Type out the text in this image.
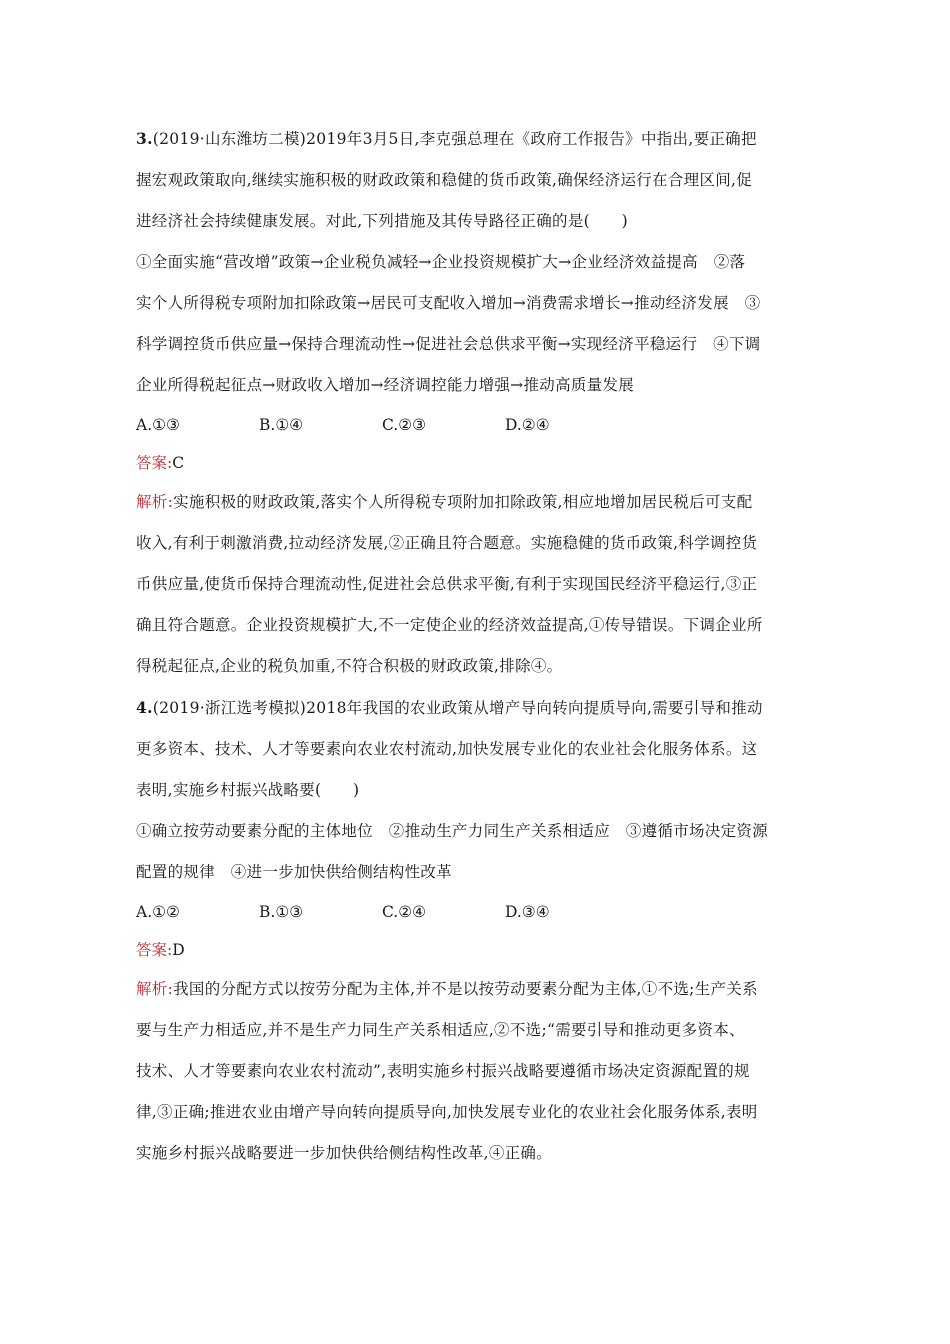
3.(2019·山东潍坊二模)2019年3月5日,李克强总理在《政府工作报告》中指出,要正确把
握宏观政策取向,继续实施积极的财政政策和稳健的货币政策,确保经济运行在合理区间,促
进经济社会持续健康发展。对此,下列措施及其传导路径正确的是(　　)
①全面实施“营改增”政策→企业税负减轻→企业投资规模扩大→企业经济效益提高　②落
实个人所得税专项附加扣除政策→居民可支配收入增加→消费需求增长→推动经济发展　③
科学调控货币供应量→保持合理流动性→促进社会总供求平衡→实现经济平稳运行　④下调
企业所得税起征点→财政收入增加→经济调控能力增强→推动高质量发展
A.①③	B.①④	C.②③	D.②④
答案:C
解析:实施积极的财政政策,落实个人所得税专项附加扣除政策,相应地增加居民税后可支配
收入,有利于刺激消费,拉动经济发展,②正确且符合题意。实施稳健的货币政策,科学调控货
币供应量,使货币保持合理流动性,促进社会总供求平衡,有利于实现国民经济平稳运行,③正
确且符合题意。企业投资规模扩大,不一定使企业的经济效益提高,①传导错误。下调企业所
得税起征点,企业的税负加重,不符合积极的财政政策,排除④。
4.(2019·浙江选考模拟)2018年我国的农业政策从增产导向转向提质导向,需要引导和推动
更多资本、技术、人才等要素向农业农村流动,加快发展专业化的农业社会化服务体系。这
表明,实施乡村振兴战略要(　　)
①确立按劳动要素分配的主体地位　②推动生产力同生产关系相适应　③遵循市场决定资源
配置的规律　④进一步加快供给侧结构性改革
A.①②	B.①③	C.②④	D.③④
答案:D
解析:我国的分配方式以按劳分配为主体,并不是以按劳动要素分配为主体,①不选;生产关系
要与生产力相适应,并不是生产力同生产关系相适应,②不选;“需要引导和推动更多资本、
技术、人才等要素向农业农村流动”,表明实施乡村振兴战略要遵循市场决定资源配置的规
律,③正确;推进农业由增产导向转向提质导向,加快发展专业化的农业社会化服务体系,表明
实施乡村振兴战略要进一步加快供给侧结构性改革,④正确。
